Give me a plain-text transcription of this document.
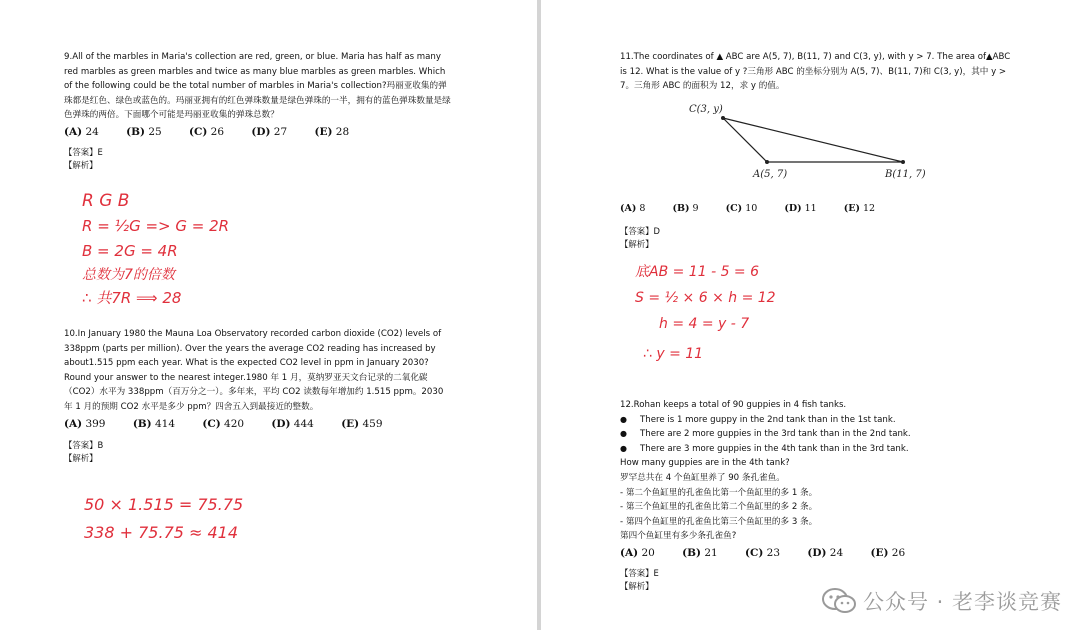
9.All of the marbles in Maria's collection are red, green, or blue. Maria has half as many red marbles as green marbles and twice as many blue marbles as green marbles. Which of the following could be the total number of marbles in Maria's collection?玛丽亚收集的弹珠都是红色、绿色或蓝色的。玛丽亚拥有的红色弹珠数量是绿色弹珠的一半，拥有的蓝色弹珠数量是绿色弹珠的两倍。下面哪个可能是玛丽亚收集的弹珠总数？

(A) 24	(B) 25	(C) 26	(D) 27	(E) 28
【答案】E
【解析】
R G B
R = ½G => G = 2R
B = 2G = 4R
总数为7的倍数
∴ 共7R ⟹ 28

10.In January 1980 the Mauna Loa Observatory recorded carbon dioxide (CO2) levels of 338ppm (parts per million). Over the years the average CO2 reading has increased by about1.515 ppm each year. What is the expected CO2 level in ppm in January 2030? Round your answer to the nearest integer.1980 年 1 月，莫纳罗亚天文台记录的二氧化碳（CO2）水平为 338ppm（百万分之一）。多年来，平均 CO2 读数每年增加约 1.515 ppm。2030 年 1 月的预期 CO2 水平是多少 ppm？四舍五入到最接近的整数。

(A) 399	(B) 414	(C) 420	(D) 444	(E) 459
【答案】B
【解析】
50 × 1.515 = 75.75
338 + 75.75 ≈ 414

11.The coordinates of ▲ ABC are A(5, 7), B(11, 7) and C(3, y), with y > 7. The area of▲ABC is 12. What is the value of y ?三角形 ABC 的坐标分别为 A(5, 7)、B(11, 7)和 C(3, y)，其中 y > 7。三角形 ABC 的面积为 12，求 y 的值。

C(3, y)
A(5, 7)	B(11, 7)
(A) 8	(B) 9	(C) 10	(D) 11	(E) 12
【答案】D
【解析】
底AB = 11 - 5 = 6
S = ½ × 6 × h = 12
h = 4 = y - 7
∴ y = 11

12.Rohan keeps a total of 90 guppies in 4 fish tanks.

● There is 1 more guppy in the 2nd tank than in the 1st tank.
● There are 2 more guppies in the 3rd tank than in the 2nd tank.
● There are 3 more guppies in the 4th tank than in the 3rd tank.

How many guppies are in the 4th tank?

罗罕总共在 4 个鱼缸里养了 90 条孔雀鱼。

- 第二个鱼缸里的孔雀鱼比第一个鱼缸里的多 1 条。

- 第三个鱼缸里的孔雀鱼比第二个鱼缸里的多 2 条。

- 第四个鱼缸里的孔雀鱼比第三个鱼缸里的多 3 条。

第四个鱼缸里有多少条孔雀鱼?

(A) 20	(B) 21	(C) 23	(D) 24	(E) 26
【答案】E
【解析】
公众号 · 老李谈竞赛
